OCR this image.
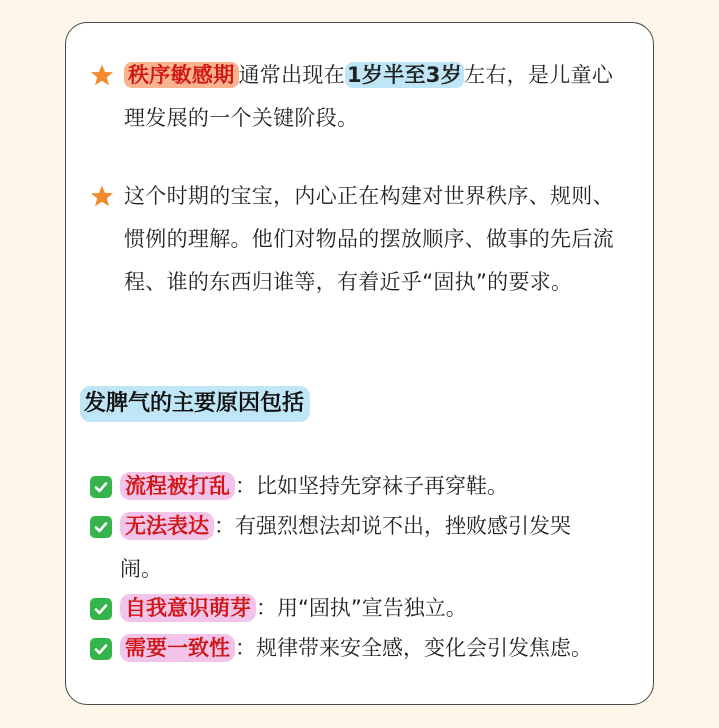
秩序敏感期 通常出现在1岁半至3岁左右，是儿童心
理发展的一个关键阶段。
这个时期的宝宝，内心正在构建对世界秩序、规则、
惯例的理解。他们对物品的摆放顺序、做事的先后流
程、谁的东西归谁等，有着近乎“固执”的要求。
发脾气的主要原因包括
流程被打乱 ：比如坚持先穿袜子再穿鞋。
无法表达 ：有强烈想法却说不出，挫败感引发哭
闹。
自我意识萌芽 ：用“固执”宣告独立。
需要一致性 ：规律带来安全感，变化会引发焦虑。
